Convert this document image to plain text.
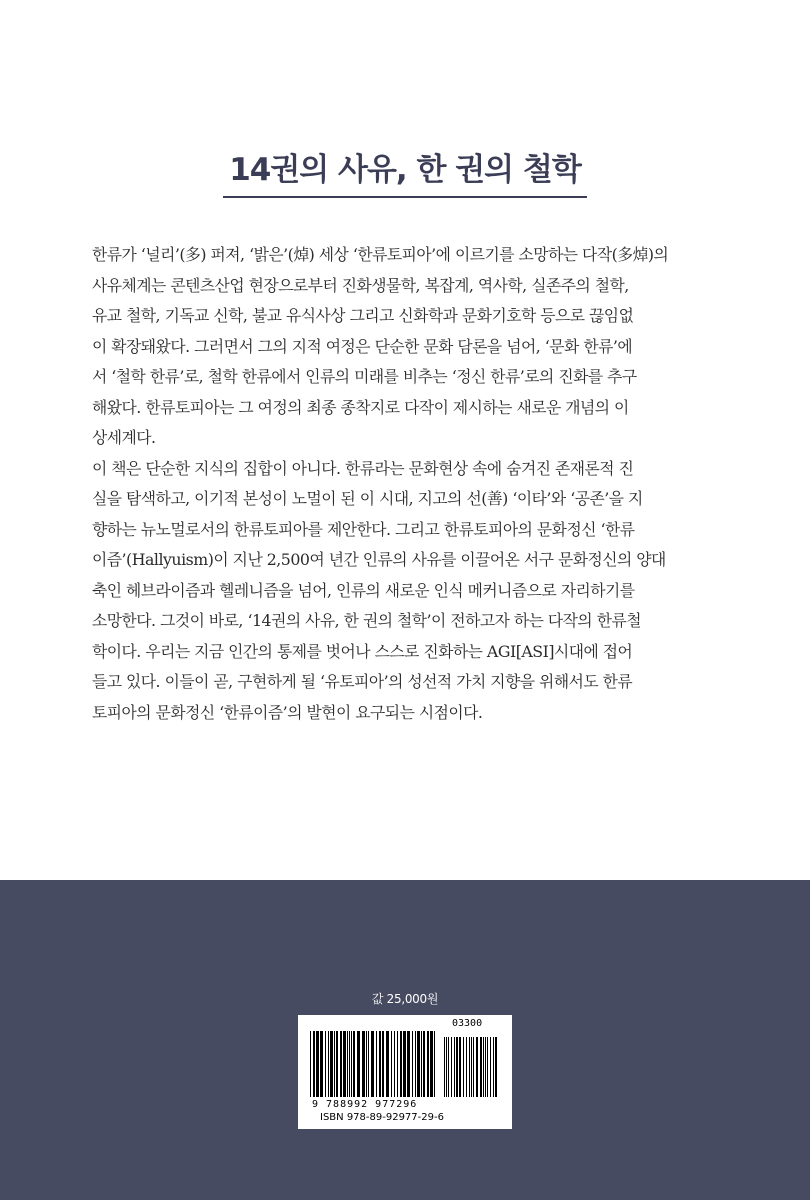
14권의 사유, 한 권의 철학
한류가 ‘널리’(多) 퍼져, ‘밝은’(焯) 세상 ‘한류토피아’에 이르기를 소망하는 다작(多焯)의
사유체계는 콘텐츠산업 현장으로부터 진화생물학, 복잡계, 역사학, 실존주의 철학,
유교 철학, 기독교 신학, 불교 유식사상 그리고 신화학과 문화기호학 등으로 끊임없
이 확장돼왔다. 그러면서 그의 지적 여정은 단순한 문화 담론을 넘어, ‘문화 한류’에
서 ‘철학 한류’로, 철학 한류에서 인류의 미래를 비추는 ‘정신 한류’로의 진화를 추구
해왔다. 한류토피아는 그 여정의 최종 종착지로 다작이 제시하는 새로운 개념의 이
상세계다.
이 책은 단순한 지식의 집합이 아니다. 한류라는 문화현상 속에 숨겨진 존재론적 진
실을 탐색하고, 이기적 본성이 노멀이 된 이 시대, 지고의 선(善) ‘이타’와 ‘공존’을 지
향하는 뉴노멀로서의 한류토피아를 제안한다. 그리고 한류토피아의 문화정신 ‘한류
이즘’(Hallyuism)이 지난 2,500여 년간 인류의 사유를 이끌어온 서구 문화정신의 양대
축인 헤브라이즘과 헬레니즘을 넘어, 인류의 새로운 인식 메커니즘으로 자리하기를
소망한다. 그것이 바로, ‘14권의 사유, 한 권의 철학’이 전하고자 하는 다작의 한류철
학이다. 우리는 지금 인간의 통제를 벗어나 스스로 진화하는 AGI[ASI]시대에 접어
들고 있다. 이들이 곧, 구현하게 될 ‘유토피아’의 성선적 가치 지향을 위해서도 한류
토피아의 문화정신 ‘한류이즘’의 발현이 요구되는 시점이다.
값 25,000원
03300
9 788992 977296
ISBN 978-89-92977-29-6
